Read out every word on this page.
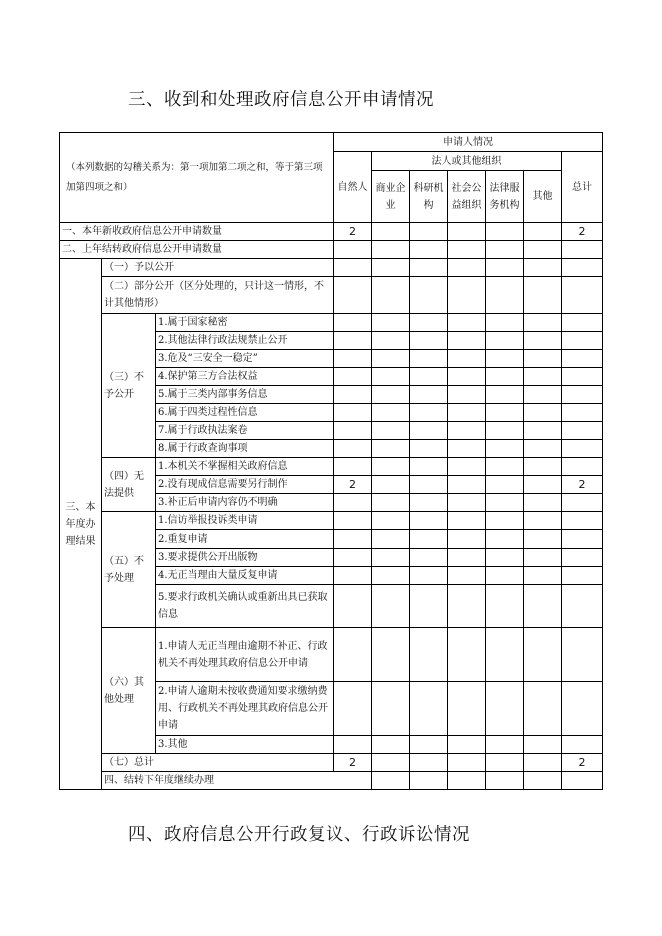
三、收到和处理政府信息公开申请情况
（本列数据的勾稽关系为：第一项加第二项之和，等于第三项加第四项之和）			申请人情况							
			自然人	法人或其他组织					总计	
				商业企业	科研机构	社会公益组织	法律服务机构	其他		
一、本年新收政府信息公开申请数量			2						2	
二、上年结转政府信息公开申请数量										
三、本年度办理结果	（一）予以公开									
	（二）部分公开（区分处理的，只计这一情形，不计其他情形）									
	（三）不予公开	1.属于国家秘密								
		2.其他法律行政法规禁止公开								
		3.危及“三安全一稳定”								
		4.保护第三方合法权益								
		5.属于三类内部事务信息								
		6.属于四类过程性信息								
		7.属于行政执法案卷								
		8.属于行政查询事项								
	（四）无法提供	1.本机关不掌握相关政府信息								
		2.没有现成信息需要另行制作	2						2	
		3.补正后申请内容仍不明确								
	（五）不予处理	1.信访举报投诉类申请								
		2.重复申请								
		3.要求提供公开出版物								
		4.无正当理由大量反复申请								
		5.要求行政机关确认或重新出具已获取信息								
	（六）其他处理	1.申请人无正当理由逾期不补正、行政机关不再处理其政府信息公开申请								
		2.申请人逾期未按收费通知要求缴纳费用、行政机关不再处理其政府信息公开申请								
		3.其他								
	（七）总计		2						2	
	四、结转下年度继续办理									
四、政府信息公开行政复议、行政诉讼情况
